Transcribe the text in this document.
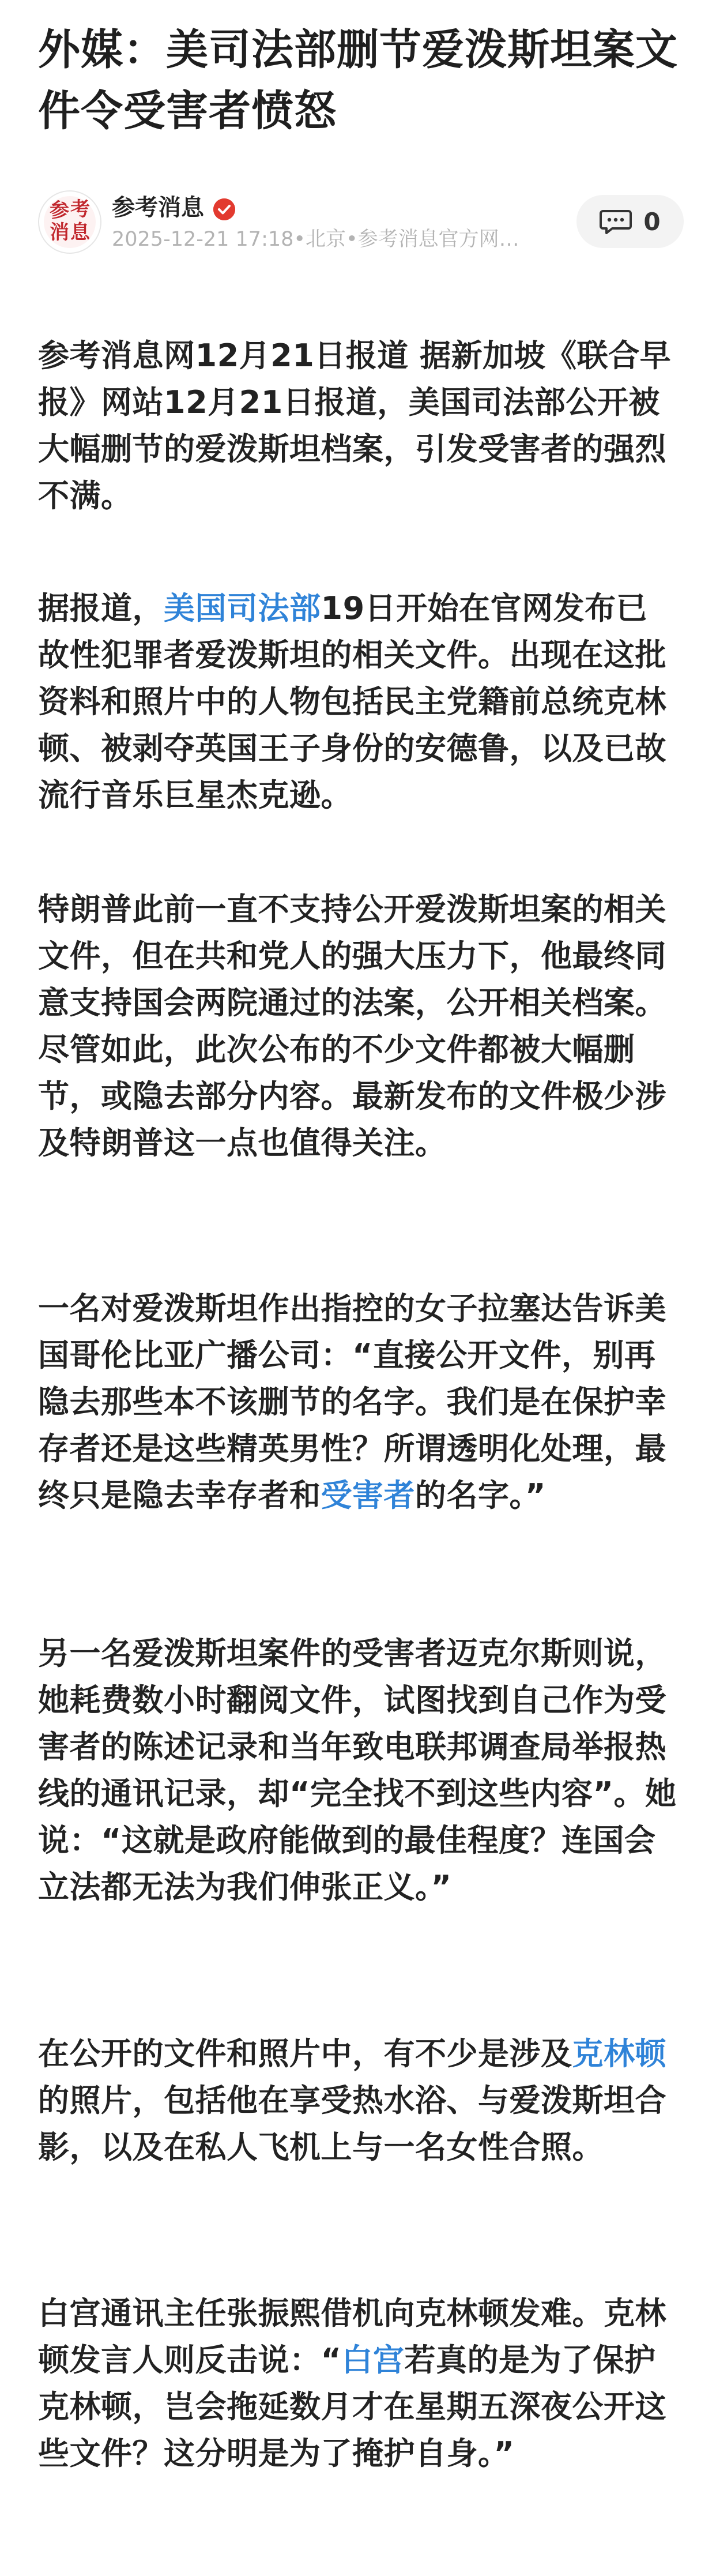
外媒：美司法部删节爱泼斯坦案文件令受害者愤怒
参 考
消 息
参考消息
2025-12-21 17:18•北京•参考消息官方网…
0
参考消息网12月21日报道 据新加坡《联合早报》网站12月21日报道，美国司法部公开被大幅删节的爱泼斯坦档案，引发受害者的强烈不满。
据报道，美国司法部19日开始在官网发布已故性犯罪者爱泼斯坦的相关文件。出现在这批资料和照片中的人物包括民主党籍前总统克林顿、被剥夺英国王子身份的安德鲁，以及已故流行音乐巨星杰克逊。
特朗普此前一直不支持公开爱泼斯坦案的相关文件，但在共和党人的强大压力下，他最终同意支持国会两院通过的法案，公开相关档案。尽管如此，此次公布的不少文件都被大幅删节，或隐去部分内容。最新发布的文件极少涉及特朗普这一点也值得关注。
一名对爱泼斯坦作出指控的女子拉塞达告诉美国哥伦比亚广播公司：“直接公开文件，别再隐去那些本不该删节的名字。我们是在保护幸存者还是这些精英男性？所谓透明化处理，最终只是隐去幸存者和受害者的名字。”
另一名爱泼斯坦案件的受害者迈克尔斯则说，她耗费数小时翻阅文件，试图找到自己作为受害者的陈述记录和当年致电联邦调查局举报热线的通讯记录，却“完全找不到这些内容”。她说：“这就是政府能做到的最佳程度？连国会立法都无法为我们伸张正义。”
在公开的文件和照片中，有不少是涉及克林顿的照片，包括他在享受热水浴、与爱泼斯坦合影，以及在私人飞机上与一名女性合照。
白宫通讯主任张振熙借机向克林顿发难。克林顿发言人则反击说：“白宫若真的是为了保护克林顿，岂会拖延数月才在星期五深夜公开这些文件？这分明是为了掩护自身。”
